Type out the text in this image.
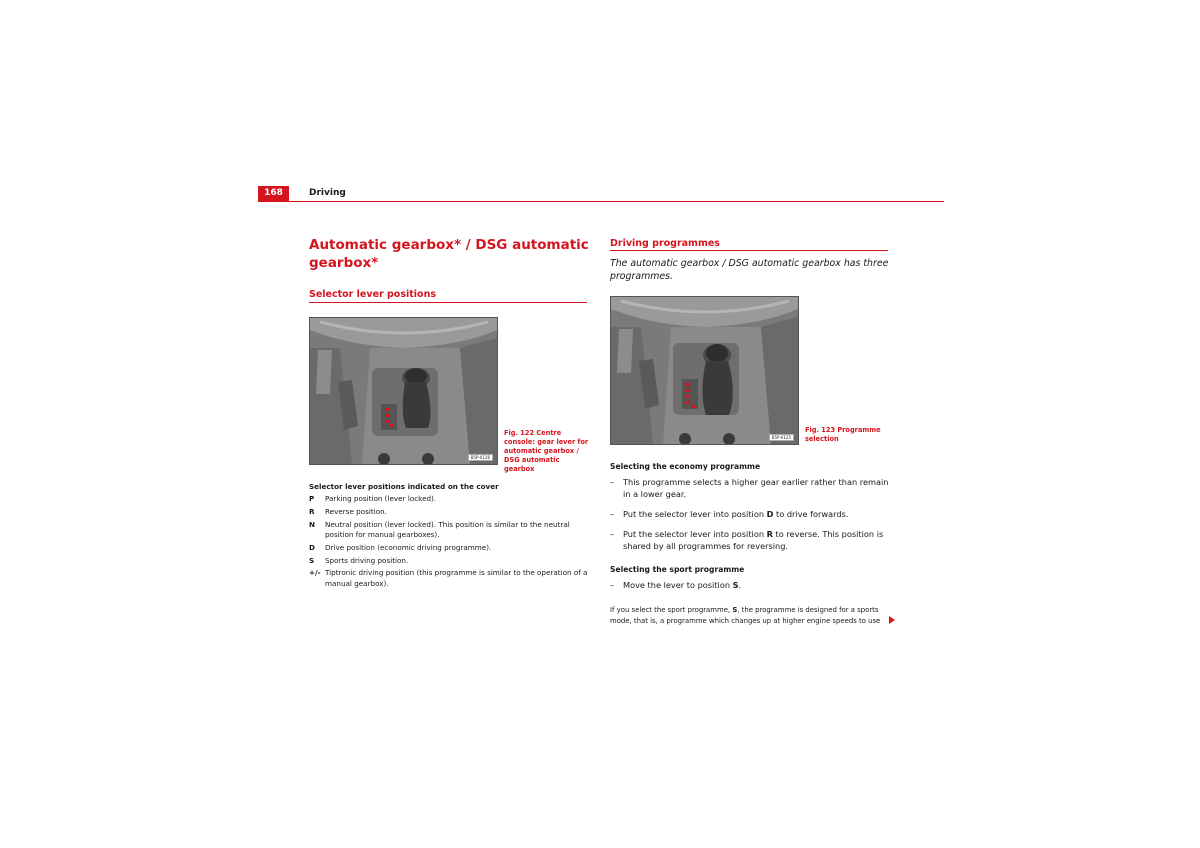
168	Driving
Automatic gearbox* / DSG automatic gearbox*
Selector lever positions
B5P-0126
Fig. 122 Centre console: gear lever for automatic gearbox / DSG automatic gearbox
Selector lever positions indicated on the cover
P	Parking position (lever locked).
R	Reverse position.
N	Neutral position (lever locked). This position is similar to the neutral position for manual gearboxes).
D	Drive position (economic driving programme).
S	Sports driving position.
+/- Tiptronic driving position (this programme is similar to the operation of a manual gearbox).
Driving programmes
The automatic gearbox / DSG automatic gearbox has three programmes.
B5P-0125
Fig. 123 Programme selection
Selecting the economy programme
–	This programme selects a higher gear earlier rather than remain in a lower gear.
–	Put the selector lever into position D to drive forwards.
–	Put the selector lever into position R to reverse. This position is shared by all programmes for reversing.
Selecting the sport programme
–	Move the lever to position S.
If you select the sport programme, S, the programme is designed for a sports mode, that is, a programme which changes up at higher engine speeds to use
